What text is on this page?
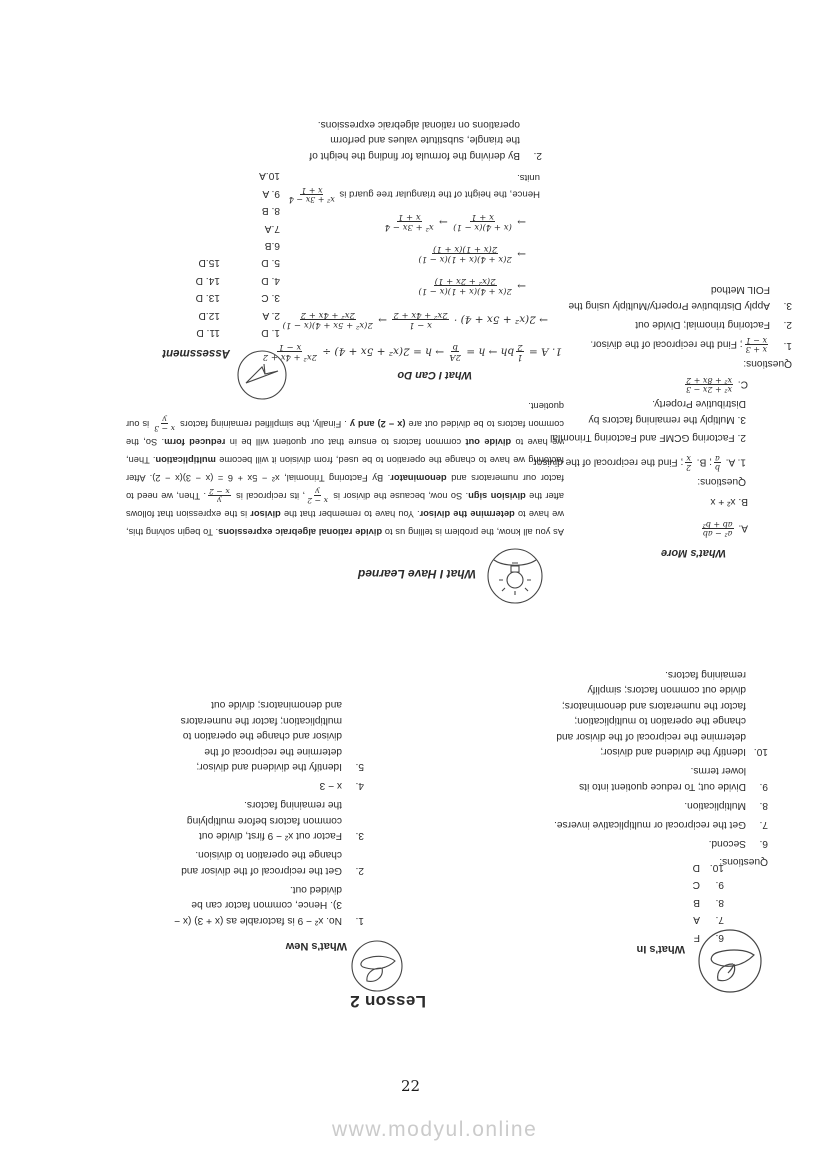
Lesson 2
What's In
6.
F
7.
A
8.
B
9.
C
10.
D
Questions:
6.
Second.
7.
Get the reciprocal or multiplicative inverse.
8.
Multiplication.
9.
Divide out; To reduce quotient into its lower terms.
10.
Identify the dividend and divisor; determine the reciprocal of the divisor and change the operation to multiplication; factor the numerators and denominators; divide out common factors; simplify remaining factors.
What's New
1.
No. x² − 9 is factorable as (x + 3) (x − 3). Hence, common factor can be divided out.
2.
Get the reciprocal of the divisor and change the operation to division.
3.
Factor out x² − 9 first, divide out common factors before multiplying the remaining factors.
4.
x − 3
5.
Identify the dividend and divisor; determine the reciprocal of the divisor and change the operation to multiplication; factor the numerators and denominators; divide out
What I Have Learned
What's More
A.
a² − ab
ab + b²
B. x² + x
Questions:
1. A.
b
a
; B.
2
x
; Find the reciprocal of the divisor.
2. Factoring GCMF and Factoring Trinomial
3. Multiply the remaining factors by Distributive Property.
C.
x² + 2x − 3
x² + 8x + 2
As you all know, the problem is telling us to divide rational algebraic expressions. To begin solving this, we have to determine the divisor. You have to remember that the divisor is the expression that follows after the division sign. So now, because the divisor is
x − 2
y
, its reciprocal is
y
x − 2
. Then, we need to factor our numerators and denominator. By Factoring Trinomial, x² − 5x + 6 = (x − 3)(x − 2). After factoring we have to change the operation to be used, from division it will become multiplication. Then, we have to divide out common factors to ensure that our quotient will be in reduced form. So, the common factors to be divided out are (x − 2) and y . Finally, the simplified remaining factors
x − 3
y
is our quotient.
What I Can Do
1. A =
1
2
bh → h =
2A
b
→ h = 2(x² + 5x + 4) ÷
2x² + 4x + 2
x − 1
→ 2(x² + 5x + 4) ·
x − 1
2x² + 4x + 2
→
2(x² + 5x + 4)(x − 1)
2x² + 4x + 2
→
2(x + 4)(x + 1)(x − 1)
2(x² + 2x + 1)
→
2(x + 4)(x + 1)(x − 1)
2(x + 1)(x + 1)
→
(x + 4)(x − 1)
x + 1
→
x² + 3x − 4
x + 1
Hence, the height of the triangular tree guard is
x² + 3x − 4
x + 1
units.
2.
By deriving the formula for finding the height of the triangle, substitute values and perform operations on rational algebraic expressions.
Questions:
1.
x + 3
x − 1
; Find the reciprocal of the divisor.
2.
Factoring trinomial; Divide out
3.
Apply Distributive Property/Multiply using the FOIL Method
Assessment
1. D
2. A
3. C
4. D
5. D
6.B
7.A
8. B
9. A
10.A
11. D
12.D
13. D
14. D
15.D
22
www.modyul.online
